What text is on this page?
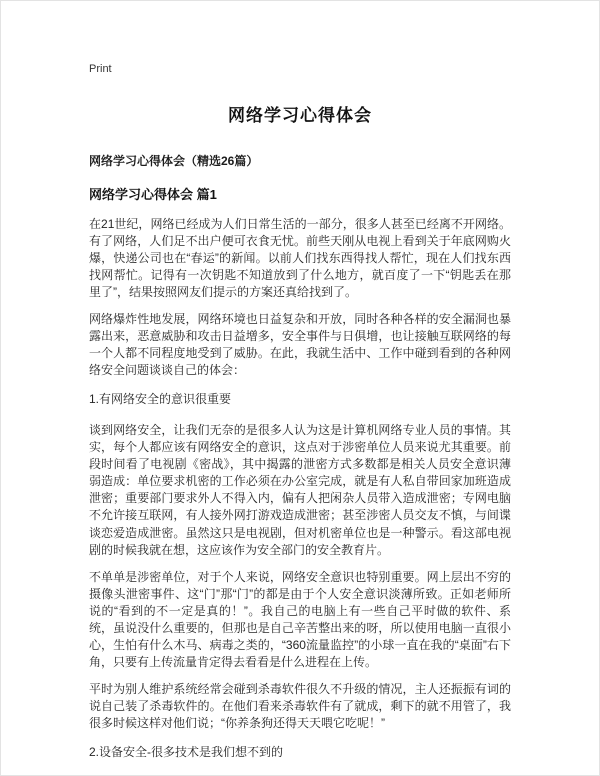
Print
网络学习心得体会
网络学习心得体会（精选26篇）
网络学习心得体会 篇1

在21世纪，网络已经成为人们日常生活的一部分，很多人甚至已经离不开网络。有了网络，人们足不出户便可衣食无忧。前些天刚从电视上看到关于年底网购火爆，快递公司也在“春运”的新闻。以前人们找东西得找人帮忙，现在人们找东西找网帮忙。记得有一次钥匙不知道放到了什么地方，就百度了一下“钥匙丢在那里了”，结果按照网友们提示的方案还真给找到了。

网络爆炸性地发展，网络环境也日益复杂和开放，同时各种各样的安全漏洞也暴露出来，恶意威胁和攻击日益增多，安全事件与日俱增，也让接触互联网络的每一个人都不同程度地受到了威胁。在此，我就生活中、工作中碰到看到的各种网络安全问题谈谈自己的体会：

1.有网络安全的意识很重要

谈到网络安全，让我们无奈的是很多人认为这是计算机网络专业人员的事情。其实，每个人都应该有网络安全的意识，这点对于涉密单位人员来说尤其重要。前段时间看了电视剧《密战》，其中揭露的泄密方式多数都是相关人员安全意识薄弱造成：单位要求机密的工作必须在办公室完成，就是有人私自带回家加班造成泄密；重要部门要求外人不得入内，偏有人把闲杂人员带入造成泄密；专网电脑不允许接互联网，有人接外网打游戏造成泄密；甚至涉密人员交友不慎，与间谍谈恋爱造成泄密。虽然这只是电视剧，但对机密单位也是一种警示。看这部电视剧的时候我就在想，这应该作为安全部门的安全教育片。

不单单是涉密单位，对于个人来说，网络安全意识也特别重要。网上层出不穷的摄像头泄密事件、这“门”那“门”的都是由于个人安全意识淡薄所致。正如老师所说的“看到的不一定是真的！”。我自己的电脑上有一些自己平时做的软件、系统，虽说没什么重要的，但那也是自己辛苦整出来的呀，所以使用电脑一直很小心，生怕有什么木马、病毒之类的，“360流量监控”的小球一直在我的“桌面”右下角，只要有上传流量肯定得去看看是什么进程在上传。

平时为别人维护系统经常会碰到杀毒软件很久不升级的情况，主人还振振有词的说自己装了杀毒软件的。在他们看来杀毒软件有了就成，剩下的就不用管了，我很多时候这样对他们说；“你养条狗还得天天喂它吃呢！”

2.设备安全-很多技术是我们想不到的
